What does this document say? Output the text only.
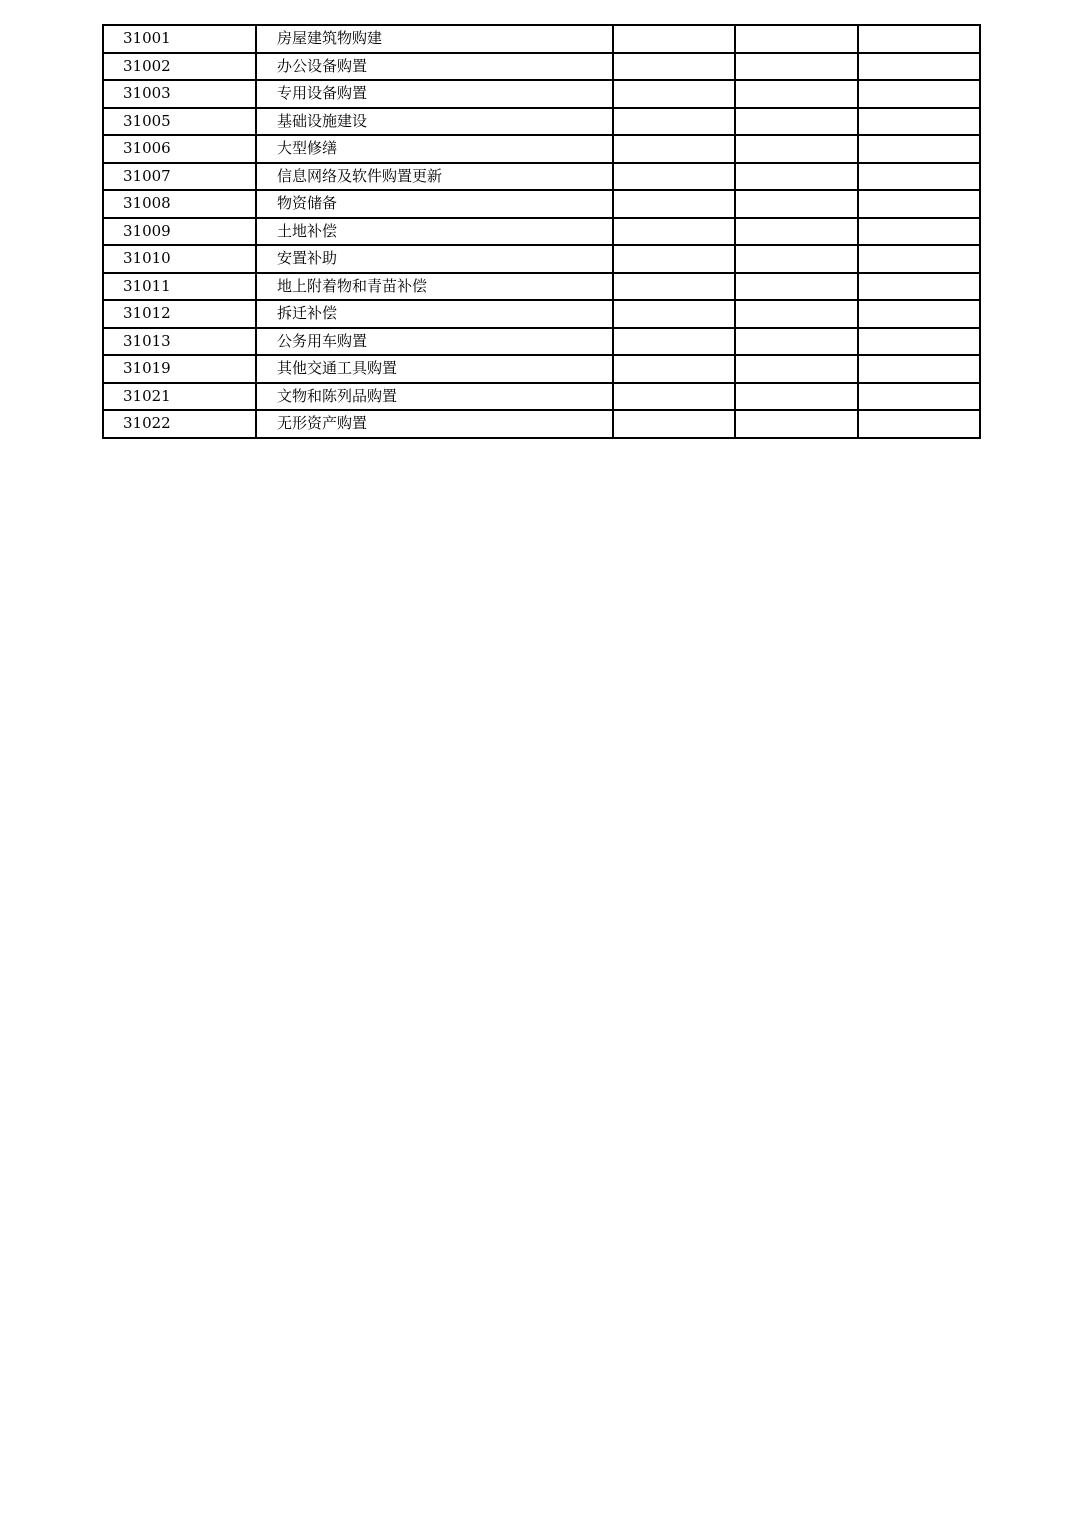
31001	房屋建筑物购建			
31002	办公设备购置			
31003	专用设备购置			
31005	基础设施建设			
31006	大型修缮			
31007	信息网络及软件购置更新			
31008	物资储备			
31009	土地补偿			
31010	安置补助			
31011	地上附着物和青苗补偿			
31012	拆迁补偿			
31013	公务用车购置			
31019	其他交通工具购置			
31021	文物和陈列品购置			
31022	无形资产购置			
